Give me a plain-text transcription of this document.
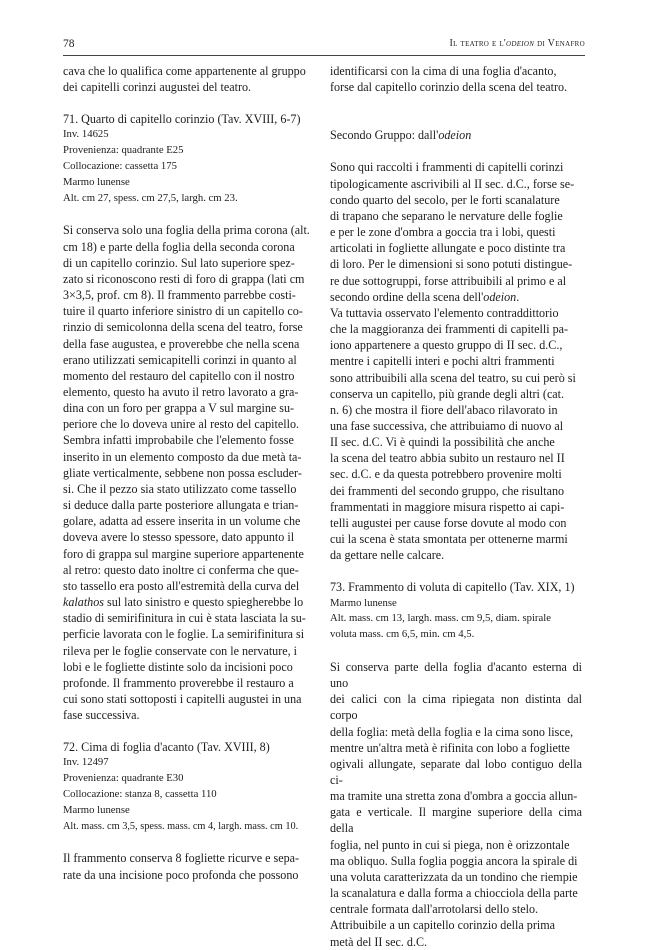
78	Il teatro e l'odeion di Venafro
cava che lo qualifica come appartenente al gruppo
dei capitelli corinzi augustei del teatro.
71. Quarto di capitello corinzio (Tav. XVIII, 6-7)
Inv. 14625
Provenienza: quadrante E25
Collocazione: cassetta 175
Marmo lunense
Alt. cm 27, spess. cm 27,5, largh. cm 23.
Si conserva solo una foglia della prima corona (alt.
cm 18) e parte della foglia della seconda corona
di un capitello corinzio. Sul lato superiore spez-
zato si riconoscono resti di foro di grappa (lati cm
3×3,5, prof. cm 8). Il frammento parrebbe costi-
tuire il quarto inferiore sinistro di un capitello co-
rinzio di semicolonna della scena del teatro, forse
della fase augustea, e proverebbe che nella scena
erano utilizzati semicapitelli corinzi in quanto al
momento del restauro del capitello con il nostro
elemento, questo ha avuto il retro lavorato a gra-
dina con un foro per grappa a V sul margine su-
periore che lo doveva unire al resto del capitello.
Sembra infatti improbabile che l'elemento fosse
inserito in un elemento composto da due metà ta-
gliate verticalmente, sebbene non possa escluder-
si. Che il pezzo sia stato utilizzato come tassello
si deduce dalla parte posteriore allungata e trian-
golare, adatta ad essere inserita in un volume che
doveva avere lo stesso spessore, dato appunto il
foro di grappa sul margine superiore appartenente
al retro: questo dato inoltre ci conferma che que-
sto tassello era posto all'estremità della curva del
kalathos sul lato sinistro e questo spiegherebbe lo
stadio di semirifinitura in cui è stata lasciata la su-
perficie lavorata con le foglie. La semirifinitura si
rileva per le foglie conservate con le nervature, i
lobi e le fogliette distinte solo da incisioni poco
profonde. Il frammento proverebbe il restauro a
cui sono stati sottoposti i capitelli augustei in una
fase successiva.
72. Cima di foglia d'acanto (Tav. XVIII, 8)
Inv. 12497
Provenienza: quadrante E30
Collocazione: stanza 8, cassetta 110
Marmo lunense
Alt. mass. cm 3,5, spess. mass. cm 4, largh. mass. cm 10.
Il frammento conserva 8 fogliette ricurve e sepa-
rate da una incisione poco profonda che possono
identificarsi con la cima di una foglia d'acanto,
forse dal capitello corinzio della scena del teatro.
Secondo Gruppo: dall'odeion
Sono qui raccolti i frammenti di capitelli corinzi
tipologicamente ascrivibili al II sec. d.C., forse se-
condo quarto del secolo, per le forti scanalature
di trapano che separano le nervature delle foglie
e per le zone d'ombra a goccia tra i lobi, questi
articolati in fogliette allungate e poco distinte tra
di loro. Per le dimensioni si sono potuti distingue-
re due sottogruppi, forse attribuibili al primo e al
secondo ordine della scena dell'odeion.
Va tuttavia osservato l'elemento contraddittorio
che la maggioranza dei frammenti di capitelli pa-
iono appartenere a questo gruppo di II sec. d.C.,
mentre i capitelli interi e pochi altri frammenti
sono attribuibili alla scena del teatro, su cui però si
conserva un capitello, più grande degli altri (cat.
n. 6) che mostra il fiore dell'abaco rilavorato in
una fase successiva, che attribuiamo di nuovo al
II sec. d.C. Vi è quindi la possibilità che anche
la scena del teatro abbia subito un restauro nel II
sec. d.C. e da questa potrebbero provenire molti
dei frammenti del secondo gruppo, che risultano
frammentati in maggiore misura rispetto ai capi-
telli augustei per cause forse dovute al modo con
cui la scena è stata smontata per ottenerne marmi
da gettare nelle calcare.
73. Frammento di voluta di capitello (Tav. XIX, 1)
Marmo lunense
Alt. mass. cm 13, largh. mass. cm 9,5, diam. spirale
voluta mass. cm 6,5, min. cm 4,5.
Si conserva parte della foglia d'acanto esterna di uno
dei calici con la cima ripiegata non distinta dal corpo
della foglia: metà della foglia e la cima sono lisce,
mentre un'altra metà è rifinita con lobo a fogliette
ogivali allungate, separate dal lobo contiguo della ci-
ma tramite una stretta zona d'ombra a goccia allun-
gata e verticale. Il margine superiore della cima della
foglia, nel punto in cui si piega, non è orizzontale
ma obliquo. Sulla foglia poggia ancora la spirale di
una voluta caratterizzata da un tondino che riempie
la scanalatura e dalla forma a chiocciola della parte
centrale formata dall'arrotolarsi dello stelo.
Attribuibile a un capitello corinzio della prima
metà del II sec. d.C.
